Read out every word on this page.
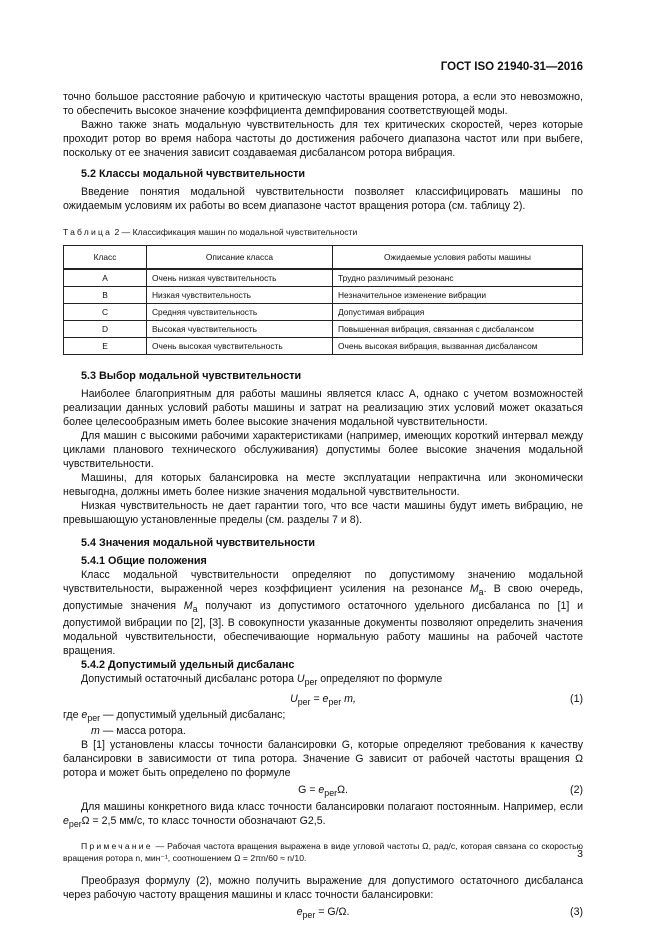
ГОСТ ISO 21940-31—2016

точно большое расстояние рабочую и критическую частоты вращения ротора, а если это невозможно, то обеспечить высокое значение коэффициента демпфирования соответствующей моды.

Важно также знать модальную чувствительность для тех критических скоростей, через которые проходит ротор во время набора частоты до достижения рабочего диапазона частот или при выбеге, поскольку от ее значения зависит создаваемая дисбалансом ротора вибрация.

5.2 Классы модальной чувствительности

Введение понятия модальной чувствительности позволяет классифицировать машины по ожидаемым условиям их работы во всем диапазоне частот вращения ротора (см. таблицу 2).

Таблица 2 — Классификация машин по модальной чувствительности
Класс	Описание класса	Ожидаемые условия работы машины
A	Очень низкая чувствительность	Трудно различимый резонанс
B	Низкая чувствительность	Незначительное изменение вибрации
C	Средняя чувствительность	Допустимая вибрация
D	Высокая чувствительность	Повышенная вибрация, связанная с дисбалансом
E	Очень высокая чувствительность	Очень высокая вибрация, вызванная дисбалансом
5.3 Выбор модальной чувствительности

Наиболее благоприятным для работы машины является класс A, однако с учетом возможностей реализации данных условий работы машины и затрат на реализацию этих условий может оказаться более целесообразным иметь более высокие значения модальной чувствительности.

Для машин с высокими рабочими характеристиками (например, имеющих короткий интервал между циклами планового технического обслуживания) допустимы более высокие значения модальной чувствительности.

Машины, для которых балансировка на месте эксплуатации непрактична или экономически невыгодна, должны иметь более низкие значения модальной чувствительности.

Низкая чувствительность не дает гарантии того, что все части машины будут иметь вибрацию, не превышающую установленные пределы (см. разделы 7 и 8).

5.4 Значения модальной чувствительности
5.4.1 Общие положения

Класс модальной чувствительности определяют по допустимому значению модальной чувствительности, выраженной через коэффициент усиления на резонансе $M_a$. В свою очередь, допустимые значения $M_a$ получают из допустимого остаточного удельного дисбаланса по [1] и допустимой вибрации по [2], [3]. В совокупности указанные документы позволяют определить значения модальной чувствительности, обеспечивающие нормальную работу машины на рабочей частоте вращения.

5.4.2 Допустимый удельный дисбаланс

Допустимый остаточный дисбаланс ротора $U_{per}$ определяют по формуле

$U_{per} = e_{per}$ m,	(1)
где $e_{per}$ — допустимый удельный дисбаланс;
m — масса ротора.

В [1] установлены классы точности балансировки G, которые определяют требования к качеству балансировки в зависимости от типа ротора. Значение G зависит от рабочей частоты вращения Ω ротора и может быть определено по формуле

$G = e_{per}\Omega$.	(2)

Для машины конкретного вида класс точности балансировки полагают постоянным. Например, если $e_{per}\Omega = 2,5$ мм/с, то класс точности обозначают G2,5.

Примечание — Рабочая частота вращения выражена в виде угловой частоты Ω, рад/с, которая связана со скоростью вращения ротора n, мин⁻¹, соотношением Ω = 2πn/60 ≈ n/10.

Преобразуя формулу (2), можно получить выражение для допустимого остаточного дисбаланса через рабочую частоту вращения машины и класс точности балансировки:

$e_{per} = G/\Omega$.	(3)
3
